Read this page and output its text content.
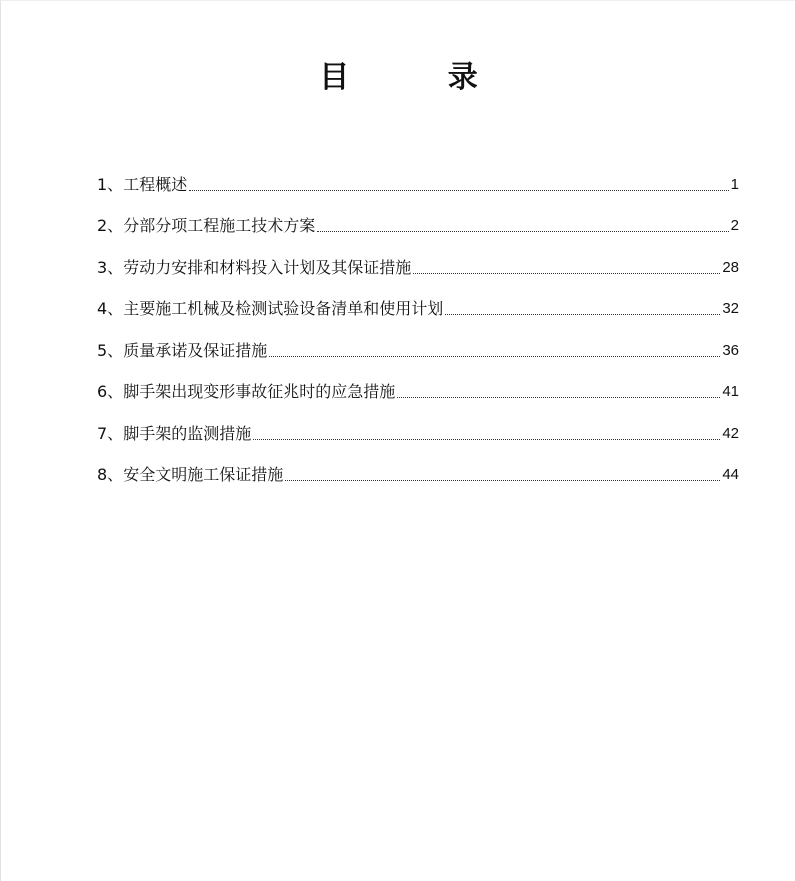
目 录
1、 工程概述	1
2、 分部分项工程施工技术方案	2
3、 劳动力安排和材料投入计划及其保证措施	28
4、 主要施工机械及检测试验设备清单和使用计划	32
5、 质量承诺及保证措施	36
6、 脚手架出现变形事故征兆时的应急措施	41
7、 脚手架的监测措施	42
8、 安全文明施工保证措施	44
